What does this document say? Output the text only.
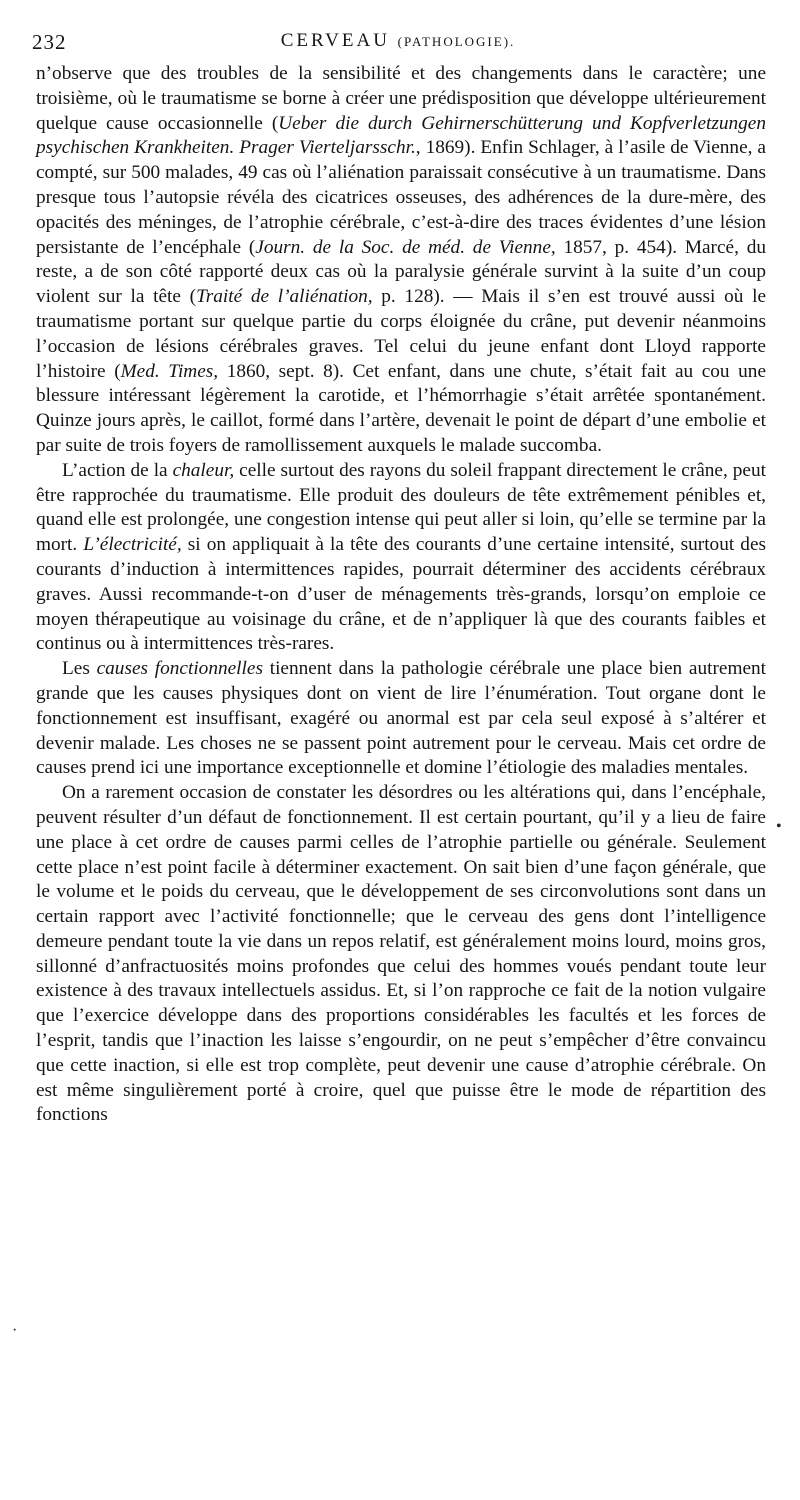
232	CERVEAU (PATHOLOGIE).

n’observe que des troubles de la sensibilité et des changements dans le caractère; une troisième, où le traumatisme se borne à créer une prédisposition que développe ultérieurement quelque cause occasionnelle (Ueber die durch Gehirnerschütterung und Kopfverletzungen psychischen Krankheiten. Prager Vierteljarsschr., 1869). Enfin Schlager, à l’asile de Vienne, a compté, sur 500 malades, 49 cas où l’aliénation paraissait consécutive à un traumatisme. Dans presque tous l’autopsie révéla des cicatrices osseuses, des adhérences de la dure-mère, des opacités des méninges, de l’atrophie cérébrale, c’est-à-dire des traces évidentes d’une lésion persistante de l’encéphale (Journ. de la Soc. de méd. de Vienne, 1857, p. 454). Marcé, du reste, a de son côté rapporté deux cas où la paralysie générale survint à la suite d’un coup violent sur la tête (Traité de l’aliénation, p. 128). — Mais il s’en est trouvé aussi où le traumatisme portant sur quelque partie du corps éloignée du crâne, put devenir néanmoins l’occasion de lésions cérébrales graves. Tel celui du jeune enfant dont Lloyd rapporte l’histoire (Med. Times, 1860, sept. 8). Cet enfant, dans une chute, s’était fait au cou une blessure intéressant légèrement la carotide, et l’hémorrhagie s’était arrêtée spontanément. Quinze jours après, le caillot, formé dans l’artère, devenait le point de départ d’une embolie et par suite de trois foyers de ramollissement auxquels le malade succomba.

L’action de la chaleur, celle surtout des rayons du soleil frappant directement le crâne, peut être rapprochée du traumatisme. Elle produit des douleurs de tête extrêmement pénibles et, quand elle est prolongée, une congestion intense qui peut aller si loin, qu’elle se termine par la mort. L’électricité, si on appliquait à la tête des courants d’une certaine intensité, surtout des courants d’induction à intermittences rapides, pourrait déterminer des accidents cérébraux graves. Aussi recommande-t-on d’user de ménagements très-grands, lorsqu’on emploie ce moyen thérapeutique au voisinage du crâne, et de n’appliquer là que des courants faibles et continus ou à intermittences très-rares.

Les causes fonctionnelles tiennent dans la pathologie cérébrale une place bien autrement grande que les causes physiques dont on vient de lire l’énumération. Tout organe dont le fonctionnement est insuffisant, exagéré ou anormal est par cela seul exposé à s’altérer et devenir malade. Les choses ne se passent point autrement pour le cerveau. Mais cet ordre de causes prend ici une importance exceptionnelle et domine l’étiologie des maladies mentales.

On a rarement occasion de constater les désordres ou les altérations qui, dans l’encéphale, peuvent résulter d’un défaut de fonctionnement. Il est certain pourtant, qu’il y a lieu de faire une place à cet ordre de causes parmi celles de l’atrophie partielle ou générale. Seulement cette place n’est point facile à déterminer exactement. On sait bien d’une façon générale, que le volume et le poids du cerveau, que le développement de ses circonvolutions sont dans un certain rapport avec l’activité fonctionnelle; que le cerveau des gens dont l’intelligence demeure pendant toute la vie dans un repos relatif, est généralement moins lourd, moins gros, sillonné d’anfractuosités moins profondes que celui des hommes voués pendant toute leur existence à des travaux intellectuels assidus. Et, si l’on rapproche ce fait de la notion vulgaire que l’exercice développe dans des proportions considérables les facultés et les forces de l’esprit, tandis que l’inaction les laisse s’engourdir, on ne peut s’empêcher d’être convaincu que cette inaction, si elle est trop complète, peut devenir une cause d’atrophie cérébrale. On est même singulièrement porté à croire, quel que puisse être le mode de répartition des fonctions

•
·
